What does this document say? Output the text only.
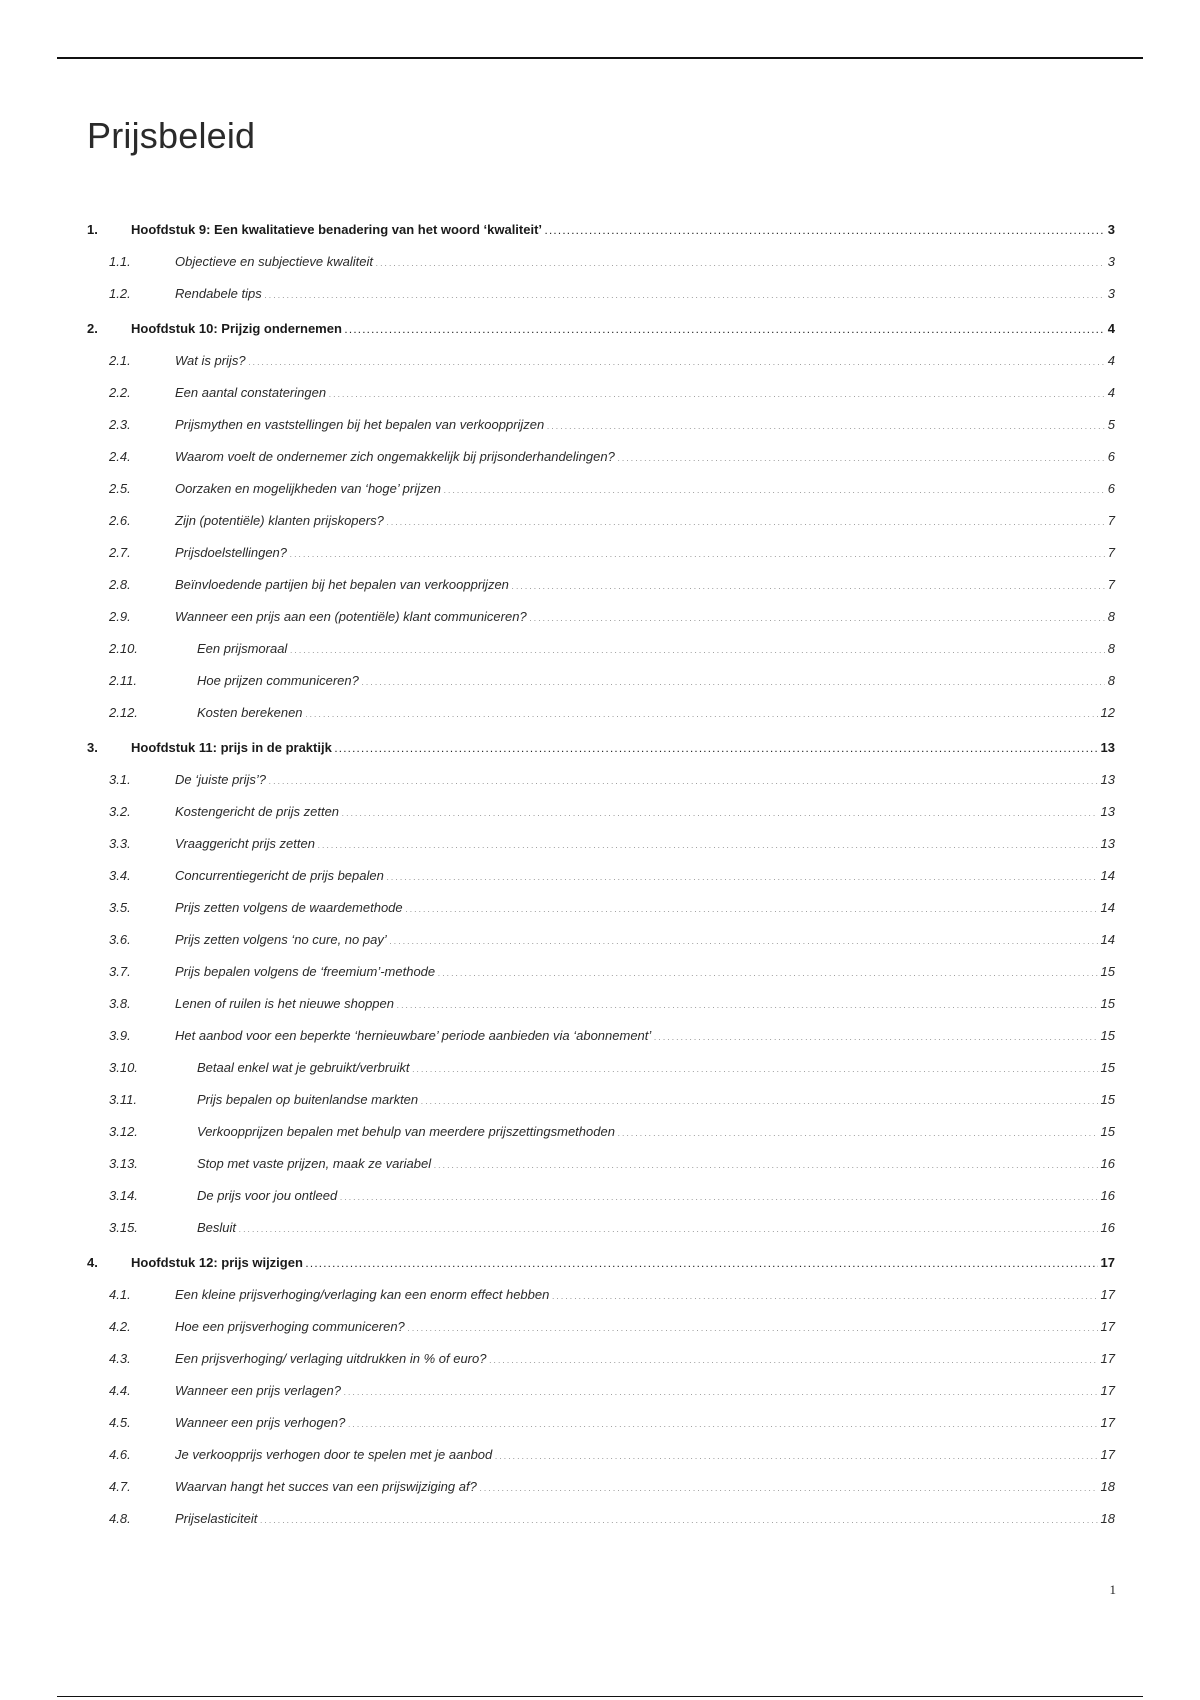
Prijsbeleid
1.	Hoofdstuk 9: Een kwalitatieve benadering van het woord ‘kwaliteit’ . . .	3
1.1.	Objectieve en subjectieve kwaliteit . . .	3
1.2.	Rendabele tips . . .	3
2.	Hoofdstuk 10: Prijzig ondernemen . . .	4
2.1.	Wat is prijs? . . .	4
2.2.	Een aantal constateringen . . .	4
2.3.	Prijsmythen en vaststellingen bij het bepalen van verkoopprijzen . . .	5
2.4.	Waarom voelt de ondernemer zich ongemakkelijk bij prijsonderhandelingen? . . .	6
2.5.	Oorzaken en mogelijkheden van ‘hoge’ prijzen . . .	6
2.6.	Zijn (potentiële) klanten prijskopers? . . .	7
2.7.	Prijsdoelstellingen? . . .	7
2.8.	Beïnvloedende partijen bij het bepalen van verkoopprijzen . . .	7
2.9.	Wanneer een prijs aan een (potentiële) klant communiceren? . . .	8
2.10.	Een prijsmoraal . . .	8
2.11.	Hoe prijzen communiceren? . . .	8
2.12.	Kosten berekenen . . .	12
3.	Hoofdstuk 11: prijs in de praktijk . . .	13
3.1.	De ‘juiste prijs’? . . .	13
3.2.	Kostengericht de prijs zetten . . .	13
3.3.	Vraaggericht prijs zetten . . .	13
3.4.	Concurrentiegericht de prijs bepalen . . .	14
3.5.	Prijs zetten volgens de waardemethode . . .	14
3.6.	Prijs zetten volgens ‘no cure, no pay’ . . .	14
3.7.	Prijs bepalen volgens de ‘freemium’-methode . . .	15
3.8.	Lenen of ruilen is het nieuwe shoppen . . .	15
3.9.	Het aanbod voor een beperkte ‘hernieuwbare’ periode aanbieden via ‘abonnement’ . . .	15
3.10.	Betaal enkel wat je gebruikt/verbruikt . . .	15
3.11.	Prijs bepalen op buitenlandse markten . . .	15
3.12.	Verkoopprijzen bepalen met behulp van meerdere prijszettingsmethoden . . .	15
3.13.	Stop met vaste prijzen, maak ze variabel . . .	16
3.14.	De prijs voor jou ontleed . . .	16
3.15.	Besluit . . .	16
4.	Hoofdstuk 12: prijs wijzigen . . .	17
4.1.	Een kleine prijsverhoging/verlaging kan een enorm effect hebben . . .	17
4.2.	Hoe een prijsverhoging communiceren? . . .	17
4.3.	Een prijsverhoging/ verlaging uitdrukken in % of euro? . . .	17
4.4.	Wanneer een prijs verlagen? . . .	17
4.5.	Wanneer een prijs verhogen? . . .	17
4.6.	Je verkoopprijs verhogen door te spelen met je aanbod . . .	17
4.7.	Waarvan hangt het succes van een prijswijziging af? . . .	18
4.8.	Prijselasticiteit . . .	18
1
